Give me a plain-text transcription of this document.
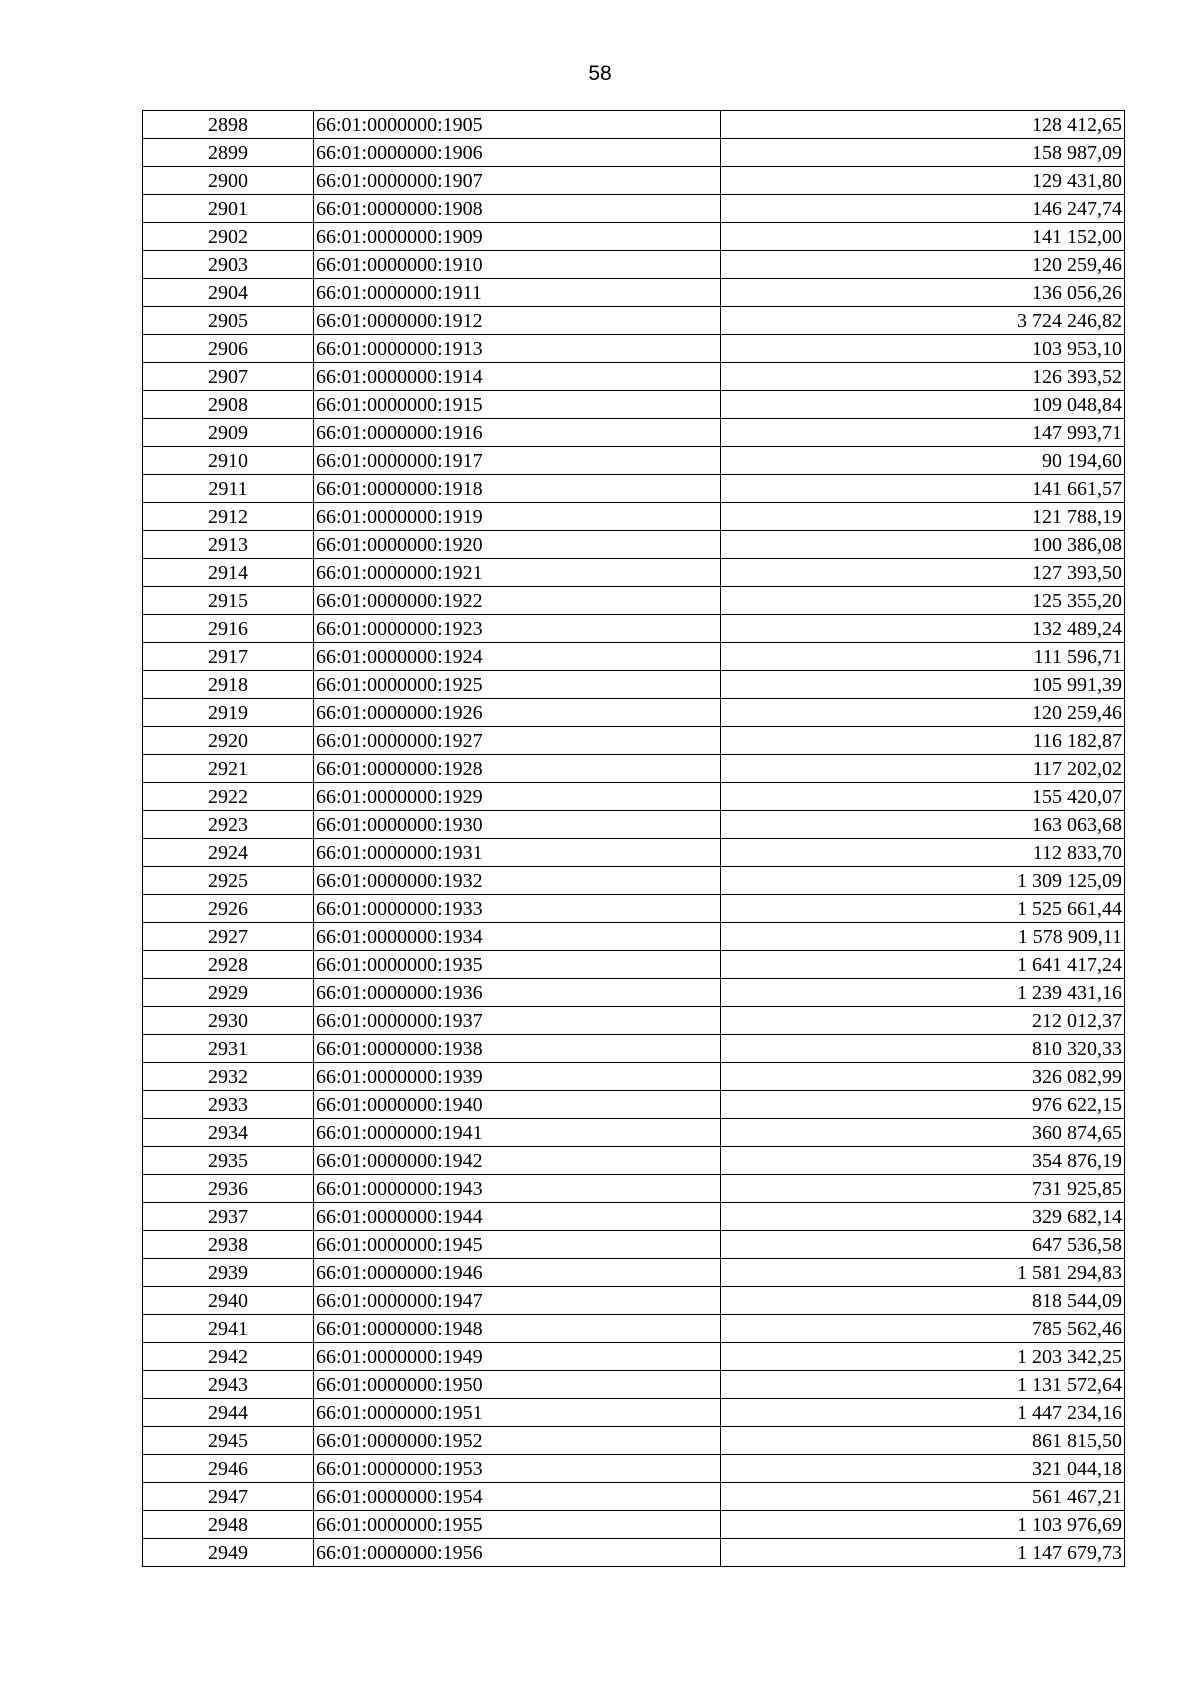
58
2898	66:01:0000000:1905	128 412,65
2899	66:01:0000000:1906	158 987,09
2900	66:01:0000000:1907	129 431,80
2901	66:01:0000000:1908	146 247,74
2902	66:01:0000000:1909	141 152,00
2903	66:01:0000000:1910	120 259,46
2904	66:01:0000000:1911	136 056,26
2905	66:01:0000000:1912	3 724 246,82
2906	66:01:0000000:1913	103 953,10
2907	66:01:0000000:1914	126 393,52
2908	66:01:0000000:1915	109 048,84
2909	66:01:0000000:1916	147 993,71
2910	66:01:0000000:1917	90 194,60
2911	66:01:0000000:1918	141 661,57
2912	66:01:0000000:1919	121 788,19
2913	66:01:0000000:1920	100 386,08
2914	66:01:0000000:1921	127 393,50
2915	66:01:0000000:1922	125 355,20
2916	66:01:0000000:1923	132 489,24
2917	66:01:0000000:1924	111 596,71
2918	66:01:0000000:1925	105 991,39
2919	66:01:0000000:1926	120 259,46
2920	66:01:0000000:1927	116 182,87
2921	66:01:0000000:1928	117 202,02
2922	66:01:0000000:1929	155 420,07
2923	66:01:0000000:1930	163 063,68
2924	66:01:0000000:1931	112 833,70
2925	66:01:0000000:1932	1 309 125,09
2926	66:01:0000000:1933	1 525 661,44
2927	66:01:0000000:1934	1 578 909,11
2928	66:01:0000000:1935	1 641 417,24
2929	66:01:0000000:1936	1 239 431,16
2930	66:01:0000000:1937	212 012,37
2931	66:01:0000000:1938	810 320,33
2932	66:01:0000000:1939	326 082,99
2933	66:01:0000000:1940	976 622,15
2934	66:01:0000000:1941	360 874,65
2935	66:01:0000000:1942	354 876,19
2936	66:01:0000000:1943	731 925,85
2937	66:01:0000000:1944	329 682,14
2938	66:01:0000000:1945	647 536,58
2939	66:01:0000000:1946	1 581 294,83
2940	66:01:0000000:1947	818 544,09
2941	66:01:0000000:1948	785 562,46
2942	66:01:0000000:1949	1 203 342,25
2943	66:01:0000000:1950	1 131 572,64
2944	66:01:0000000:1951	1 447 234,16
2945	66:01:0000000:1952	861 815,50
2946	66:01:0000000:1953	321 044,18
2947	66:01:0000000:1954	561 467,21
2948	66:01:0000000:1955	1 103 976,69
2949	66:01:0000000:1956	1 147 679,73
